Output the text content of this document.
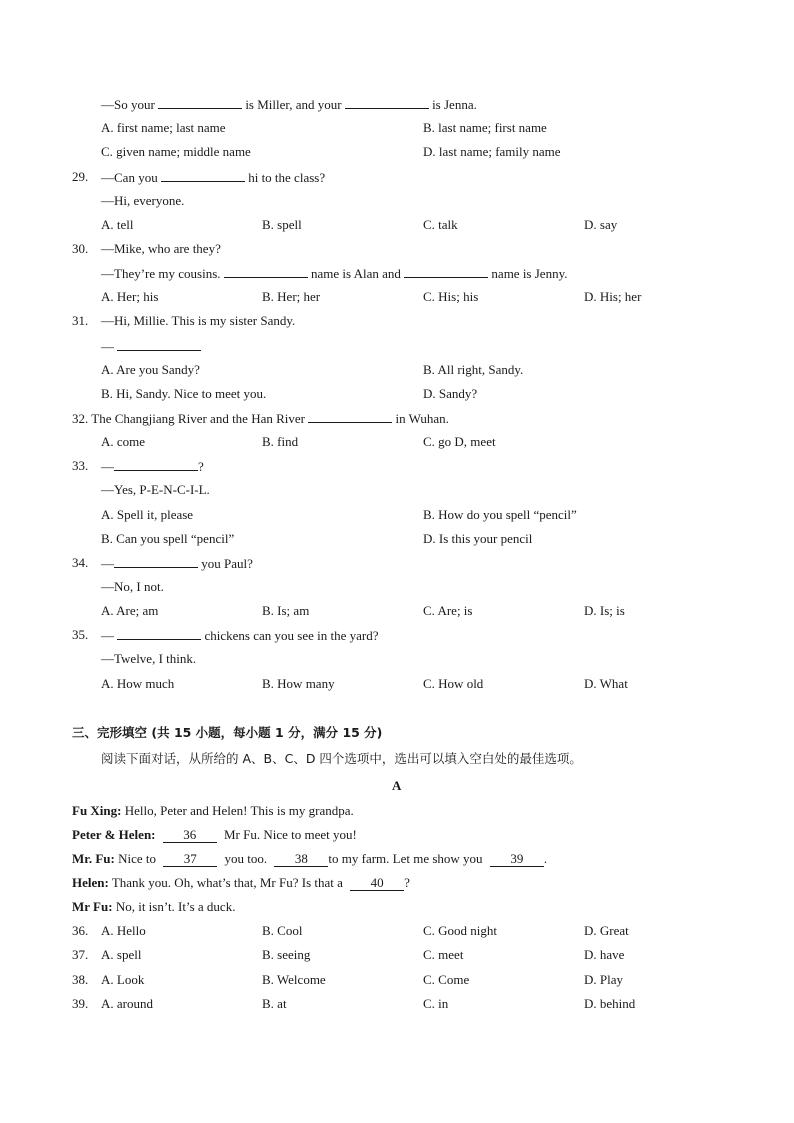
—So your	is Miller, and your	is Jenna.
A. first name; last name	B. last name; first name
C. given name; middle name	D. last name; family name
29. —Can you	hi to the class?
—Hi, everyone.
A. tell	B. spell	C. talk	D. say
30. —Mike, who are they?
—They’re my cousins.	name is Alan and	name is Jenny.
A. Her; his	B. Her; her	C. His; his	D. His; her
31. —Hi, Millie. This is my sister Sandy.
—
A. Are you Sandy?	B. All right, Sandy.
B. Hi, Sandy. Nice to meet you.	D. Sandy?
32. The Changjiang River and the Han River	in Wuhan.
A. come	B. find	C. go D, meet
33. —	?
—Yes, P-E-N-C-I-L.
A. Spell it, please	B. How do you spell “pencil”
B. Can you spell “pencil”	D. Is this your pencil
34. —	you Paul?
—No, I not.
A. Are; am	B. Is; am	C. Are; is	D. Is; is
35. —	chickens can you see in the yard?
—Twelve, I think.
A. How much	B. How many	C. How old	D. What
三、完形填空 (共 15 小题，每小题 1 分，满分 15 分)
阅读下面对话，从所给的 A、B、C、D 四个选项中，选出可以填入空白处的最佳选项。
A
Fu Xing: Hello, Peter and Helen! This is my grandpa.
Peter & Helen: 36 Mr Fu. Nice to meet you!
Mr. Fu: Nice to 37 you too. 38 to my farm. Let me show you 39 .
Helen: Thank you. Oh, what’s that, Mr Fu? Is that a 40 ?
Mr Fu: No, it isn’t. It’s a duck.
36. A. Hello	B. Cool	C. Good night	D. Great
37. A. spell	B. seeing	C. meet	D. have
38. A. Look	B. Welcome	C. Come	D. Play
39. A. around	B. at	C. in	D. behind
